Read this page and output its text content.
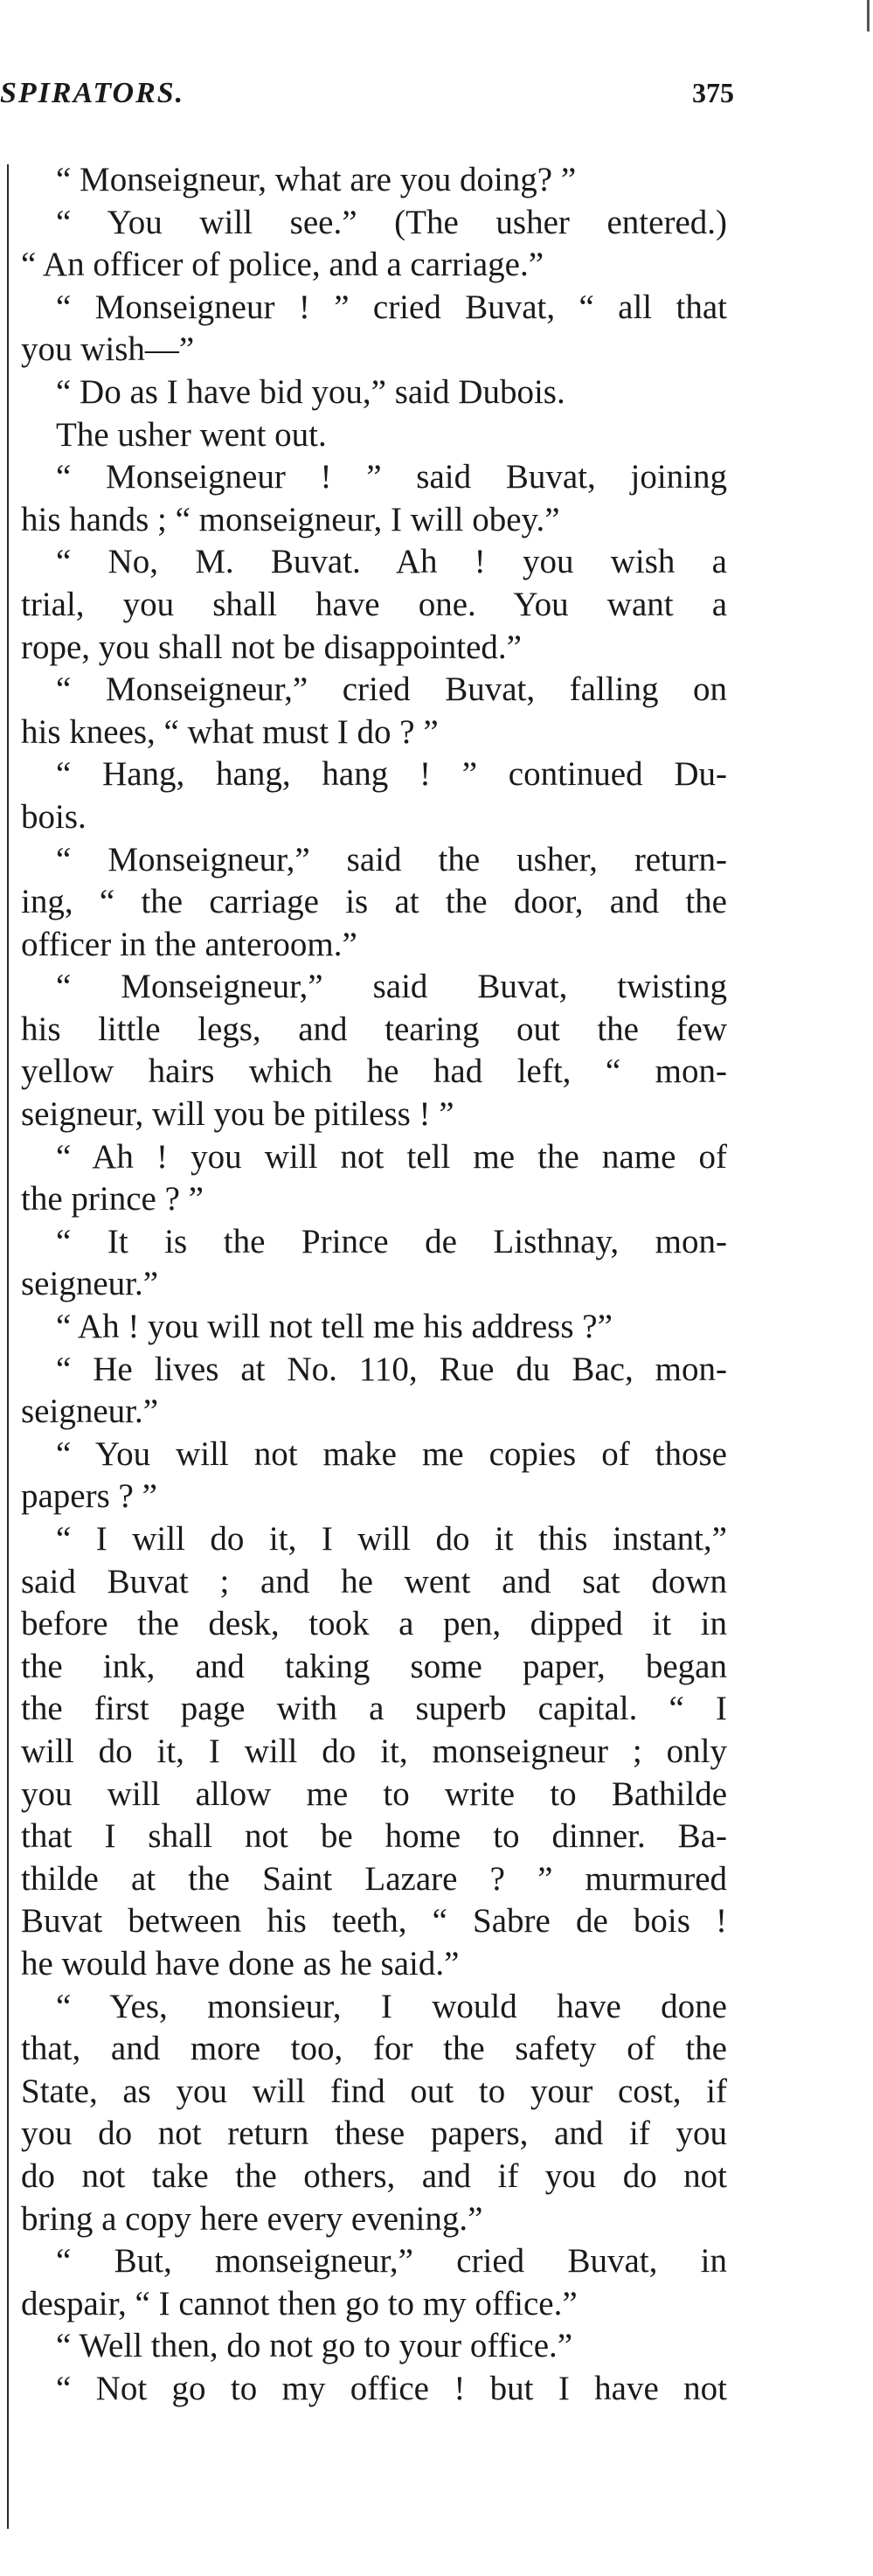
SPIRATORS.	375
“ Monseigneur, what are you doing? ”
“ You will see.” (The usher entered.)
“ An officer of police, and a carriage.”
“ Monseigneur ! ” cried Buvat, “ all that
you wish—”
“ Do as I have bid you,” said Dubois.
The usher went out.
“ Monseigneur ! ” said Buvat, joining
his hands ; “ monseigneur, I will obey.”
“ No, M. Buvat. Ah ! you wish a
trial, you shall have one. You want a
rope, you shall not be disappointed.”
“ Monseigneur,” cried Buvat, falling on
his knees, “ what must I do ? ”
“ Hang, hang, hang ! ” continued Du-
bois.
“ Monseigneur,” said the usher, return-
ing, “ the carriage is at the door, and the
officer in the anteroom.”
“ Monseigneur,” said Buvat, twisting
his little legs, and tearing out the few
yellow hairs which he had left, “ mon-
seigneur, will you be pitiless ! ”
“ Ah ! you will not tell me the name of
the prince ? ”
“ It is the Prince de Listhnay, mon-
seigneur.”
“ Ah ! you will not tell me his address ?”
“ He lives at No. 110, Rue du Bac, mon-
seigneur.”
“ You will not make me copies of those
papers ? ”
“ I will do it, I will do it this instant,”
said Buvat ; and he went and sat down
before the desk, took a pen, dipped it in
the ink, and taking some paper, began
the first page with a superb capital. “ I
will do it, I will do it, monseigneur ; only
you will allow me to write to Bathilde
that I shall not be home to dinner. Ba-
thilde at the Saint Lazare ? ” murmured
Buvat between his teeth, “ Sabre de bois !
he would have done as he said.”
“ Yes, monsieur, I would have done
that, and more too, for the safety of the
State, as you will find out to your cost, if
you do not return these papers, and if you
do not take the others, and if you do not
bring a copy here every evening.”
“ But, monseigneur,” cried Buvat, in
despair, “ I cannot then go to my office.”
“ Well then, do not go to your office.”
“ Not go to my office ! but I have not
